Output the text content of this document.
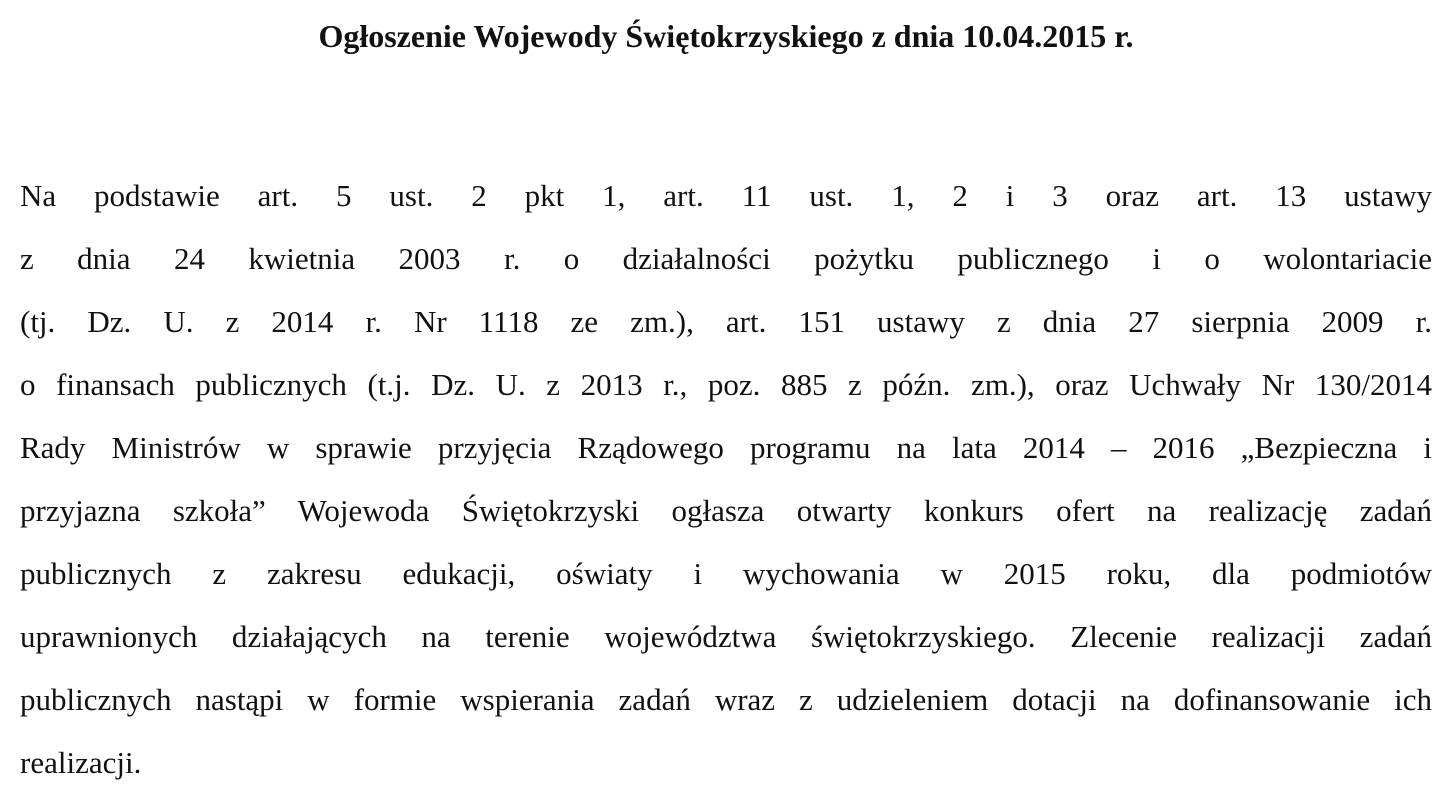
Ogłoszenie Wojewody Świętokrzyskiego z dnia 10.04.2015 r.

Na podstawie art. 5 ust. 2 pkt 1, art. 11 ust. 1, 2 i 3 oraz art. 13 ustawy

z dnia 24 kwietnia 2003 r. o działalności pożytku publicznego i o wolontariacie

(tj. Dz. U. z 2014 r. Nr 1118 ze zm.), art. 151 ustawy z dnia 27 sierpnia 2009 r.

o finansach publicznych (t.j. Dz. U. z 2013 r., poz. 885 z późn. zm.), oraz Uchwały Nr 130/2014

Rady Ministrów w sprawie przyjęcia Rządowego programu na lata 2014 – 2016 „Bezpieczna i

przyjazna szkoła” Wojewoda Świętokrzyski ogłasza otwarty konkurs ofert na realizację zadań

publicznych z zakresu edukacji, oświaty i wychowania w 2015 roku, dla podmiotów

uprawnionych działających na terenie województwa świętokrzyskiego. Zlecenie realizacji zadań

publicznych nastąpi w formie wspierania zadań wraz z udzieleniem dotacji na dofinansowanie ich

realizacji.
